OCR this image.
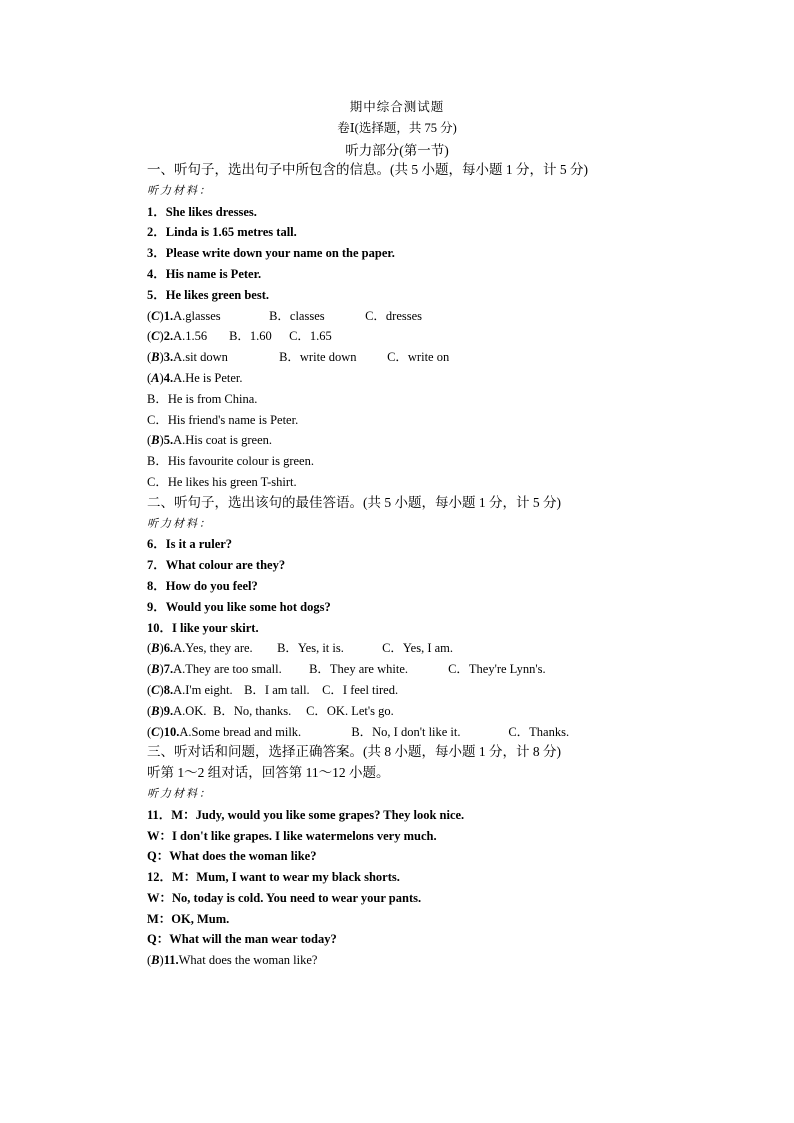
期中综合测试题
卷Ⅰ(选择题，共 75 分)
听力部分(第一节)
一、听句子，选出句子中所包含的信息。(共 5 小题，每小题 1 分，计 5 分)
听力材料：
1．She likes dresses.
2．Linda is 1.65 metres tall.
3．Please write down your name on the paper.
4．His name is Peter.
5．He likes green best.
(C)1.A.glasses	B．classes	C．dresses
(C)2.A.1.56 B．1.60 C．1.65
(B)3.A.sit down	B．write down C．write on
(A)4.A.He is Peter.
B．He is from China.
C．His friend's name is Peter.
(B)5.A.His coat is green.
B．His favourite colour is green.
C．He likes his green T-shirt.
二、听句子，选出该句的最佳答语。(共 5 小题，每小题 1 分，计 5 分)
听力材料：
6．Is it a ruler?
7．What colour are they?
8．How do you feel?
9．Would you like some hot dogs?
10．I like your skirt.
(B)6.A.Yes, they are. B．Yes, it is.	C．Yes, I am.
(B)7.A.They are too small. B．They are white.	C．They're Lynn's.
(C)8.A.I'm eight. B．I am tall. C．I feel tired.
(B)9.A.OK. B．No, thanks. C．OK. Let's go.
(C)10.A.Some bread and milk.	B．No, I don't like it.	C．Thanks.
三、听对话和问题，选择正确答案。(共 8 小题，每小题 1 分，计 8 分)
听第 1～2 组对话，回答第 11～12 小题。
听力材料：
11．M：Judy, would you like some grapes? They look nice.
W：I don't like grapes. I like watermelons very much.
Q：What does the woman like?
12．M：Mum, I want to wear my black shorts.
W：No, today is cold. You need to wear your pants.
M：OK, Mum.
Q：What will the man wear today?
(B)11.What does the woman like?
